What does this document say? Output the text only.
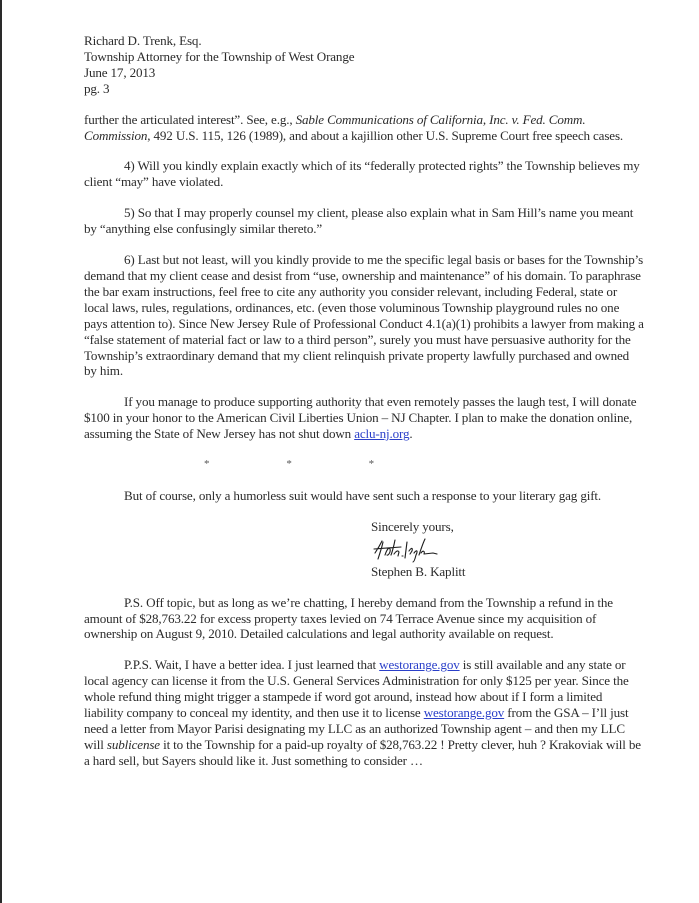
Richard D. Trenk, Esq.
Township Attorney for the Township of West Orange
June 17, 2013
pg. 3

further the articulated interest”. See, e.g., Sable Communications of California, Inc. v. Fed. Comm. Commission, 492 U.S. 115, 126 (1989), and about a kajillion other U.S. Supreme Court free speech cases.

4) Will you kindly explain exactly which of its “federally protected rights” the Township believes my client “may” have violated.

5) So that I may properly counsel my client, please also explain what in Sam Hill’s name you meant by “anything else confusingly similar thereto.”

6) Last but not least, will you kindly provide to me the specific legal basis or bases for the Township’s demand that my client cease and desist from “use, ownership and maintenance” of his domain. To paraphrase the bar exam instructions, feel free to cite any authority you consider relevant, including Federal, state or local laws, rules, regulations, ordinances, etc. (even those voluminous Township playground rules no one pays attention to). Since New Jersey Rule of Professional Conduct 4.1(a)(1) prohibits a lawyer from making a “false statement of material fact or law to a third person”, surely you must have persuasive authority for the Township’s extraordinary demand that my client relinquish private property lawfully purchased and owned by him.

If you manage to produce supporting authority that even remotely passes the laugh test, I will donate $100 in your honor to the American Civil Liberties Union – NJ Chapter. I plan to make the donation online, assuming the State of New Jersey has not shut down aclu-nj.org.

*	*	*

But of course, only a humorless suit would have sent such a response to your literary gag gift.

Sincerely yours,
Stephen B. Kaplitt

P.S. Off topic, but as long as we’re chatting, I hereby demand from the Township a refund in the amount of $28,763.22 for excess property taxes levied on 74 Terrace Avenue since my acquisition of ownership on August 9, 2010. Detailed calculations and legal authority available on request.

P.P.S. Wait, I have a better idea. I just learned that westorange.gov is still available and any state or local agency can license it from the U.S. General Services Administration for only $125 per year. Since the whole refund thing might trigger a stampede if word got around, instead how about if I form a limited liability company to conceal my identity, and then use it to license westorange.gov from the GSA – I’ll just need a letter from Mayor Parisi designating my LLC as an authorized Township agent – and then my LLC will sublicense it to the Township for a paid-up royalty of $28,763.22 ! Pretty clever, huh ? Krakoviak will be a hard sell, but Sayers should like it. Just something to consider …
